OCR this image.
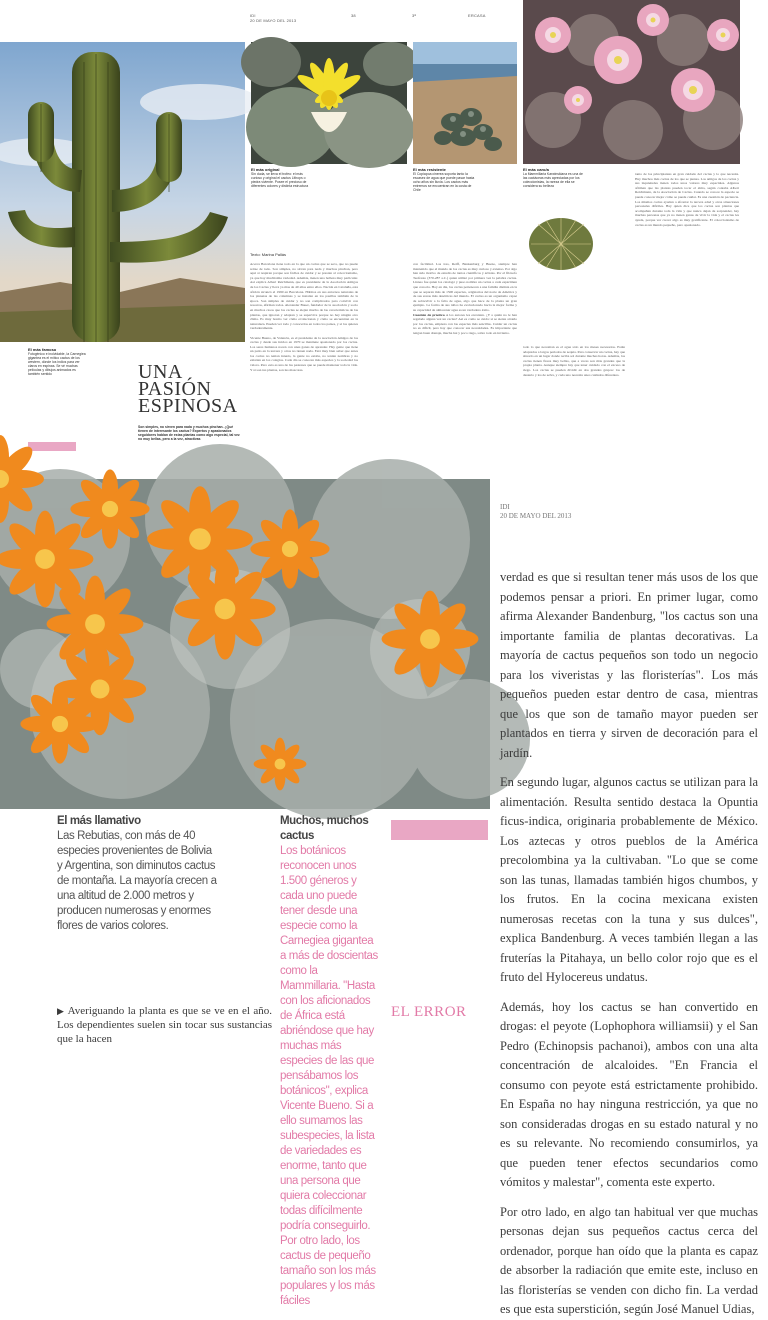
IDI
20 DE MAYO DEL 2013
38	3ª	ERCASA
El más famoso
Fotogénico e inolvidable, la Carnegiea gigantea es el mítico cactus de los western, dónde los indios para ver claros en espinas. Se vé muchas películas y dibujos animados es también sentido
El más original
Sin duda, se lleva el trofeo: el más curioso y original el cactus Lithops o piedra viviente. Posee el precioso de diferentes colores y distinta estructura
El más resistente
El Copiapoa cinerea soporta tanto la escasez de agua que puede pasar hasta ocho años sin lluvia. Los cactos más extremos se encuentran en la costa de Chile
El más caro/a
La Mammillaria Karwinskiana es una de las cactáceas más apreciadas por los coleccionistas, la rareza de ella se considera su belleza
UNA
PASIÓN
ESPINOSA
Son simples, no sirven para nada y muchos pinchan. ¿Qué tienen de interesante los cactus? Expertos y apasionados seguidores hablan de estas plantas como algo especial, tal vez no muy bellas, pero a la vez, atractivas
Texto: Marina Pallás
Acerca Barcelona tiene todo en la que un cactus que se seca, que no puede reírse de todo. Son simples, no sirven para nada y muchos pinchan, pero aquí sí respiran porque son fáciles de cuidar y se prestan al coleccionismo, ya que hay muchísima variedad. Además, tienen una belleza muy particular. Así explica Albert Reichmann, que es presidente de la Asociación Amigos de los Cactus y lleva ya mas de 40 años entre ellos. Nacida en Cataluña, esta afición alcanzó el 1990 en Barcelona. Hábitos en sus entornos naturales de los planetas de las columnas y se instalan en los pasillos también de la época. Son simples de cuidar y no son complicados para convivir con nosotros, afirman todos. Alexander Bauer, fundador de la asociación y socio en muchos casos que los cactus se alejan mucho de las características de las plantas, que ignoran y adaptan y se supervive porque no hay ningún otro clima. Es muy bonito ver cómo evolucionan y cómo se encuentran en la naturaleza. Pueden ver todo y conocerlos en todos los países, y si los quieres verdaderamente.

Vicente Bueno, de Valencia, es el presidente de la asociación Amigos de los cactus y desde sus inicios en 1970 se mantiene apasionado por los cactus. Los seres humanos nacen con unas ganas de aprender. Hay gente que tiene un patio en la terraza y otros no tienen nada. Está muy bien saber que antes los cactus no tenían interés, la gente no estaba, no tenían nombres y no existían en los colegios. Cada día se conocen más especies y la sociedad los valora. Pero esta es una de las pasiones que se puede mantener toda la vida. Y si son tus plantas, son tus mascotas.
con facilidad. Las tres, Reiff, Bankenburg y Bueno, siempre han mantenido que el mundo de los cactus es muy curioso y extenso. Por algo han sido motivo de estudio de tantos científicos y artistas. Por el filósofo Teofrasto (370-287 a.C.) quien utilizó por primera vez la palabra cactus. Linneo fue quien los catalogó y puso nombre un cactus a cada espécimen que conocía. Hoy en día, los cactus pertenecen a una familia distinta en la que se separan más de 1500 especies, originarios del norte de América y de sus zonas más desérticas del mundo. El cactus es un organismo capaz de sobrevivir a la falta de agua, algo que hace de la planta un gran ejemplo. La forma de sus tallos ha evolucionado hacia la mejor forma y su capacidad de almacenar agua es un verdadero éxito.
Cuestión de práctica A los autores les encantan. ¿Y a quién no le han regalado alguna vez un cactus? Así es como se cuida: si se siente atraído por los cactus, empieza con las especies más sencillas. Cuidar un cactus no es difícil, pero hay que conocer sus necesidades. Es importante que tengan buen drenaje, mucha luz y poco riego, sobre todo en invierno.
todo lo que necesitan es el agua sólo en los meses necesarios. Están adaptados a largos periodos de sequía. Para conservar un cactus, hay que situarlo en un lugar donde reciba sol durante muchas horas. Además, los cactus tienen flores muy bellas, que a veces son más grandes que la propia planta. Aunque siempre hay que tener cuidado con el exceso de riego. Los cactus se pueden dividir en dos grandes grupos: los de desierto y los de selva, y cada uno necesita unos cuidados diferentes.
tanto de los principiantes en gran cuidado del cactus y lo que necesita. Hay muchos más cactus de los que se piensa. Los amigos de los cactus y sus inquietudes tienen todos unos valores muy especiales. Algunos afirman que las plantas pueden tocar el alma, según contaba Albert Reichmann, de la Asociación de Cactus. Cuando se conoce la especie se puede conocer mejor cómo se puede cuidar. Es una cuestión de paciencia. Los mismos cactus ayudan a afrontar la tercera edad y otras situaciones personales difíciles. Hay quien dice que los cactus son plantas que acompañan durante toda la vida y que nunca dejan de sorprender, hay muchas personas que ya no tienen ganas de vivir la vida y el cactus les ayuda, porque ver crecer algo es muy gratificante. El coleccionismo de cactus es un mundo pequeño, pero apasionado.
IDI
20 DE MAYO DEL 2013

verdad es que si resultan tener más usos de los que podemos pensar a priori. En primer lugar, como afirma Alexander Bandenburg, "los cactus son una importante familia de plantas decorativas. La mayoría de cactus pequeños son todo un negocio para los viveristas y las floristerías". Los más pequeños pueden estar dentro de casa, mientras que los que son de tamaño mayor pueden ser plantados en tierra y sirven de decoración para el jardín.

En segundo lugar, algunos cactus se utilizan para la alimentación. Resulta sentido destaca la Opuntia ficus-indica, originaria probablemente de México. Los aztecas y otros pueblos de la América precolombina ya la cultivaban. "Lo que se come son las tunas, llamadas también higos chumbos, y los frutos. En la cocina mexicana existen numerosas recetas con la tuna y sus dulces", explica Bandenburg. A veces también llegan a las fruterías la Pitahaya, un bello color rojo que es el fruto del Hylocereus undatus.

Además, hoy los cactus se han convertido en drogas: el peyote (Lophophora williamsii) y el San Pedro (Echinopsis pachanoi), ambos con una alta concentración de alcaloides. "En Francia el consumo con peyote está estrictamente prohibido. En España no hay ninguna restricción, ya que no son consideradas drogas en su estado natural y no es su relevante. No recomiendo consumirlos, ya que pueden tener efectos secundarios como vómitos y malestar", comenta este experto.

Por otro lado, en algo tan habitual ver que muchas personas dejan sus pequeños cactus cerca del ordenador, porque han oído que la planta es capaz de absorber la radiación que emite este, incluso en las floristerías se venden con dicho fin. La verdad es que esta superstición, según José Manuel Udias,

El más llamativo
Las Rebutias, con más de 40 especies provenientes de Bolivia y Argentina, son diminutos cactus de montaña. La mayoría crecen a una altitud de 2.000 metros y producen numerosas y enormes flores de varios colores.
Muchos, muchos cactus
Los botánicos reconocen unos 1.500 géneros y cada uno puede tener desde una especie como la Carnegiea gigantea a más de doscientas como la Mammillaria. "Hasta con los aficionados de África está abriéndose que hay muchas más especies de las que pensábamos los botánicos", explica Vicente Bueno. Si a ello sumamos las subespecies, la lista de variedades es enorme, tanto que una persona que quiera coleccionar todas difícilmente podría conseguirlo. Por otro lado, los cactus de pequeño tamaño son los más populares y los más fáciles
▶ Averiguando la planta es que se ve en el año. Los dependientes suelen sin tocar sus sustancias que la hacen
EL ERROR
